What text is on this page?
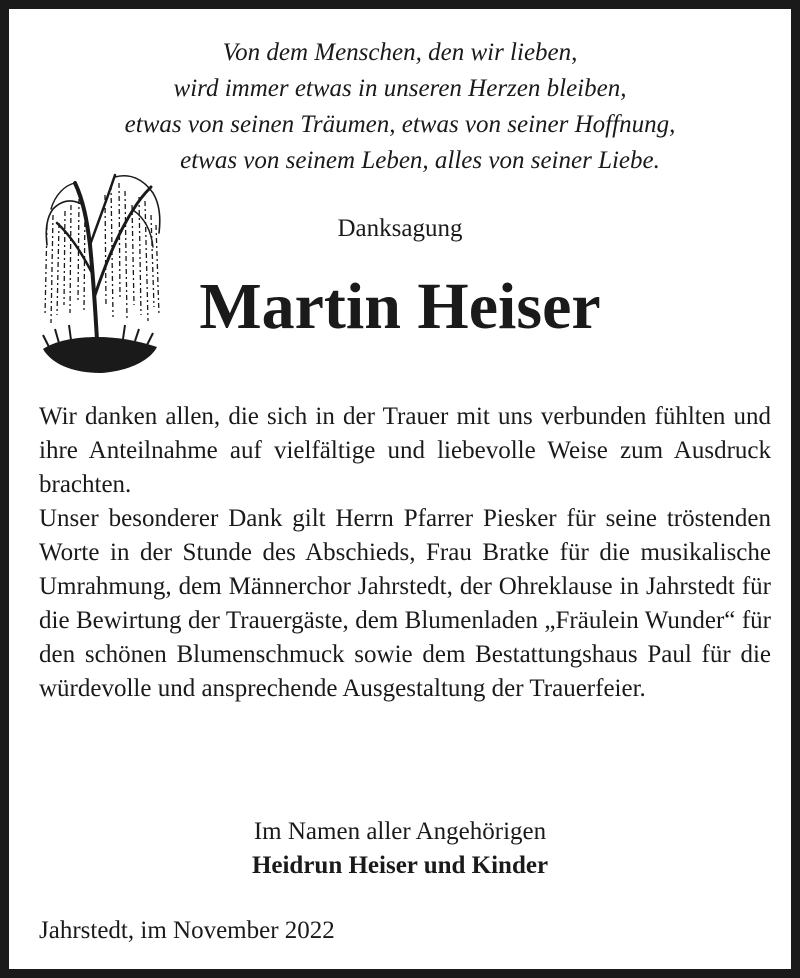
Von dem Menschen, den wir lieben,
wird immer etwas in unseren Herzen bleiben,
etwas von seinen Träumen, etwas von seiner Hoffnung,
etwas von seinem Leben, alles von seiner Liebe.
Danksagung
Martin Heiser

Wir danken allen, die sich in der Trauer mit uns verbunden fühlten und ihre Anteilnahme auf vielfältige und liebevolle Weise zum Ausdruck brachten.

Unser besonderer Dank gilt Herrn Pfarrer Piesker für seine tröstenden Worte in der Stunde des Abschieds, Frau Bratke für die musikalische Umrahmung, dem Männerchor Jahrstedt, der Ohreklause in Jahrstedt für die Bewirtung der Trauergäste, dem Blumenladen „Fräulein Wunder“ für den schönen Blumenschmuck sowie dem Bestattungshaus Paul für die würdevolle und ansprechende Ausgestaltung der Trauerfeier.

Im Namen aller Angehörigen
Heidrun Heiser und Kinder
Jahrstedt, im November 2022
